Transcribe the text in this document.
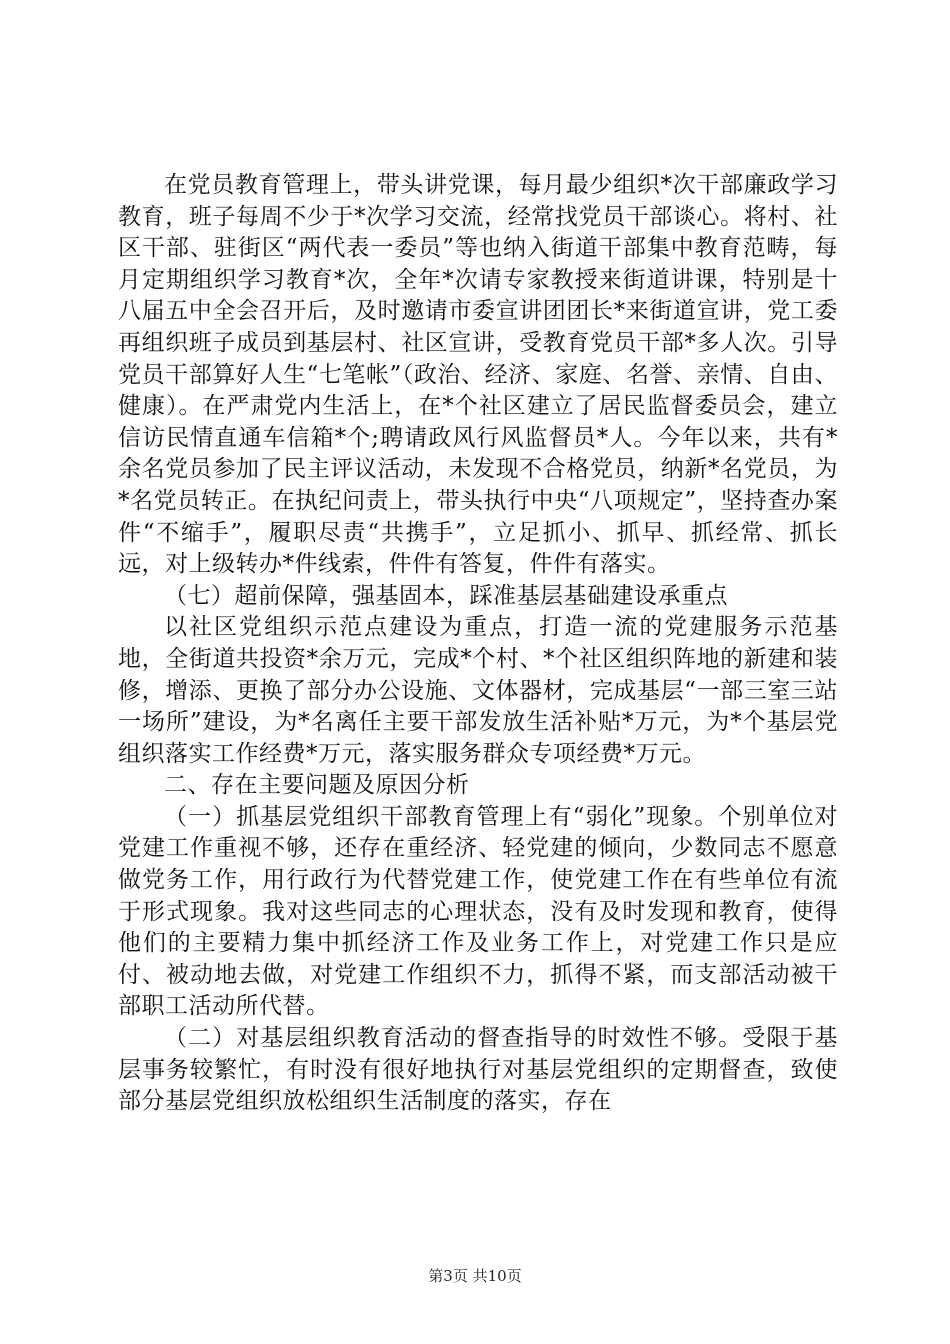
在党员教育管理上，带头讲党课，每月最少组织*次干部廉政学习教育，班子每周不少于*次学习交流，经常找党员干部谈心。将村、社区干部、驻街区“两代表一委员”等也纳入街道干部集中教育范畴，每月定期组织学习教育*次，全年*次请专家教授来街道讲课，特别是十八届五中全会召开后，及时邀请市委宣讲团团长*来街道宣讲，党工委再组织班子成员到基层村、社区宣讲，受教育党员干部*多人次。引导党员干部算好人生“七笔帐”（政治、经济、家庭、名誉、亲情、自由、健康）。在严肃党内生活上，在*个社区建立了居民监督委员会，建立信访民情直通车信箱*个;聘请政风行风监督员*人。今年以来，共有*余名党员参加了民主评议活动，未发现不合格党员，纳新*名党员，为*名党员转正。在执纪问责上，带头执行中央“八项规定”，坚持查办案件“不缩手”，履职尽责“共携手”，立足抓小、抓早、抓经常、抓长远，对上级转办*件线索，件件有答复，件件有落实。

（七）超前保障，强基固本，踩准基层基础建设承重点

以社区党组织示范点建设为重点，打造一流的党建服务示范基地，全街道共投资*余万元，完成*个村、*个社区组织阵地的新建和装修，增添、更换了部分办公设施、文体器材，完成基层“一部三室三站一场所”建设，为*名离任主要干部发放生活补贴*万元，为*个基层党组织落实工作经费*万元，落实服务群众专项经费*万元。

二、存在主要问题及原因分析

（一）抓基层党组织干部教育管理上有“弱化”现象。个别单位对党建工作重视不够，还存在重经济、轻党建的倾向，少数同志不愿意做党务工作，用行政行为代替党建工作，使党建工作在有些单位有流于形式现象。我对这些同志的心理状态，没有及时发现和教育，使得他们的主要精力集中抓经济工作及业务工作上，对党建工作只是应付、被动地去做，对党建工作组织不力，抓得不紧，而支部活动被干部职工活动所代替。

（二）对基层组织教育活动的督查指导的时效性不够。受限于基层事务较繁忙，有时没有很好地执行对基层党组织的定期督查，致使部分基层党组织放松组织生活制度的落实，存在

第3页 共10页
